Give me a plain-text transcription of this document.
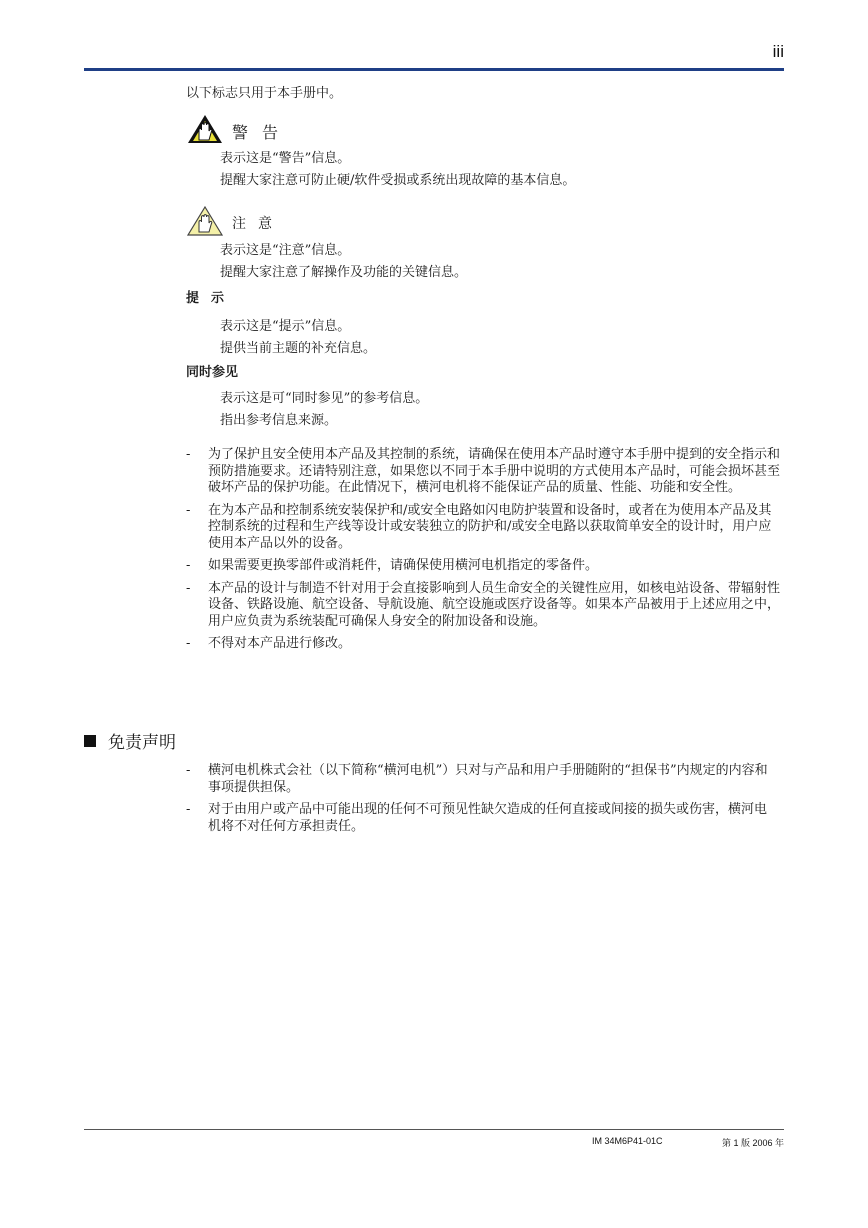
iii
以下标志只用于本手册中。
警告
表示这是“警告”信息。
提醒大家注意可防止硬/软件受损或系统出现故障的基本信息。
注意
表示这是“注意”信息。
提醒大家注意了解操作及功能的关键信息。
提示
表示这是“提示”信息。
提供当前主题的补充信息。
同时参见
表示这是可“同时参见”的参考信息。
指出参考信息来源。
-	为了保护且安全使用本产品及其控制的系统，请确保在使用本产品时遵守本手册中提到的安全指示和预防措施要求。还请特别注意，如果您以不同于本手册中说明的方式使用本产品时，可能会损坏甚至破坏产品的保护功能。在此情况下，横河电机将不能保证产品的质量、性能、功能和安全性。
-	在为本产品和控制系统安装保护和/或安全电路如闪电防护装置和设备时，或者在为使用本产品及其控制系统的过程和生产线等设计或安装独立的防护和/或安全电路以获取简单安全的设计时，用户应使用本产品以外的设备。
-	如果需要更换零部件或消耗件，请确保使用横河电机指定的零备件。
-	本产品的设计与制造不针对用于会直接影响到人员生命安全的关键性应用，如核电站设备、带辐射性设备、铁路设施、航空设备、导航设施、航空设施或医疗设备等。如果本产品被用于上述应用之中，用户应负责为系统装配可确保人身安全的附加设备和设施。
-	不得对本产品进行修改。
免责声明
-	横河电机株式会社（以下简称“横河电机”）只对与产品和用户手册随附的“担保书”内规定的内容和事项提供担保。
-	对于由用户或产品中可能出现的任何不可预见性缺欠造成的任何直接或间接的损失或伤害，横河电机将不对任何方承担责任。
IM 34M6P41-01C	第 1 版 2006 年
